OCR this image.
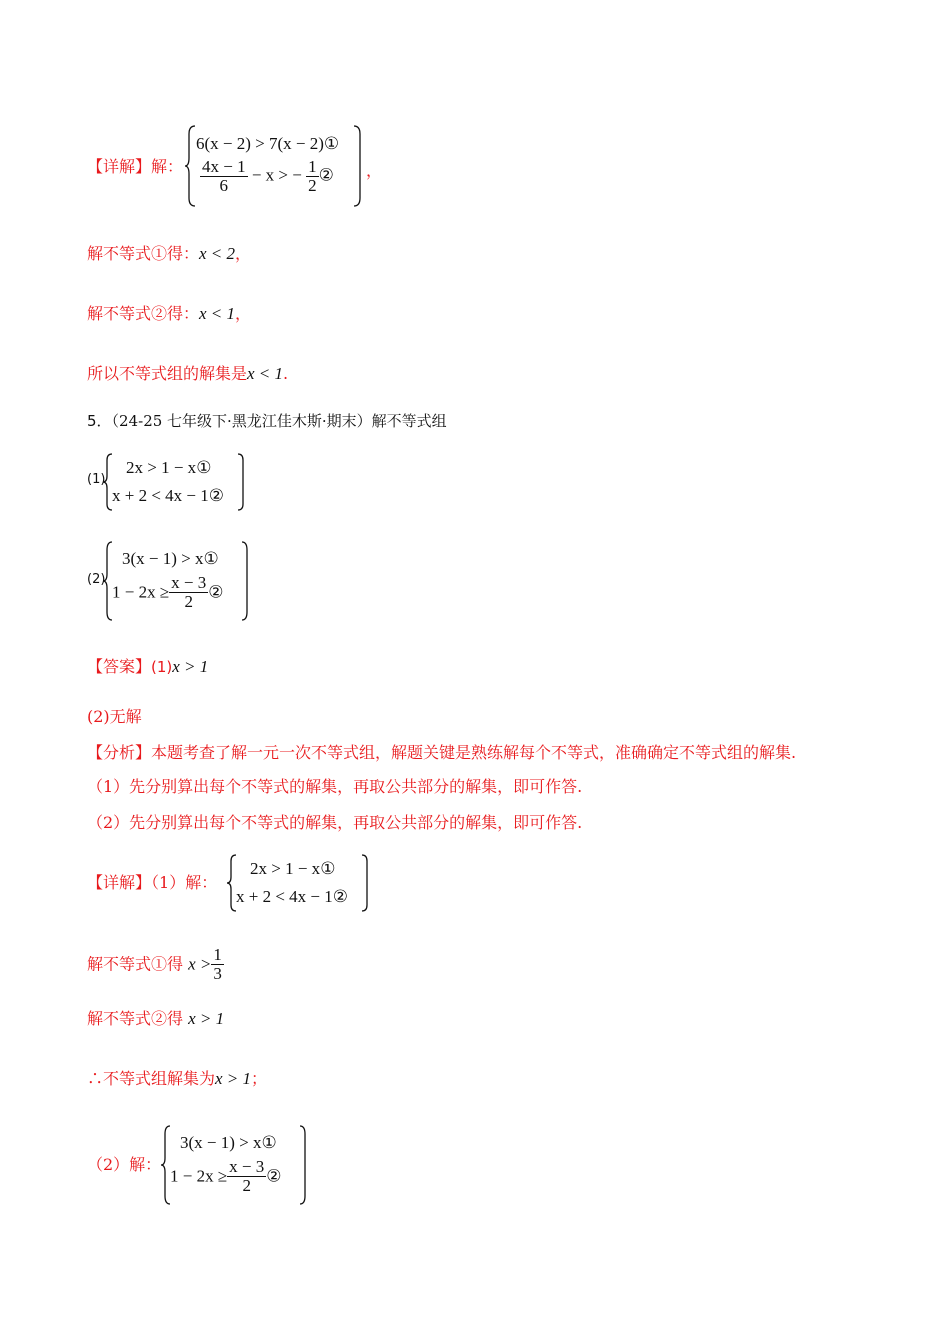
【详解】解：
6(x − 2) > 7(x − 2)①
$\frac{4x - 1}{6} - x$ > − $\frac{1}{2}$ ② ，
解不等式①得：x < 2，
解不等式②得：x < 1，
所以不等式组的解集是x < 1.
5．（24-25 七年级下·黑龙江佳木斯·期末）解不等式组
(1)
2x > 1 − x①
x + 2 < 4x − 1②
(2)
3(x − 1) > x①
$1 - 2x \ge \frac{x - 3}{2}$ ②
【答案】(1)x > 1
(2)无解
【分析】本题考查了解一元一次不等式组，解题关键是熟练解每个不等式，准确确定不等式组的解集.
（1）先分别算出每个不等式的解集，再取公共部分的解集，即可作答.
（2）先分别算出每个不等式的解集，再取公共部分的解集，即可作答.
【详解】（1）解：
2x > 1 − x①
x + 2 < 4x − 1②
解不等式①得 $x > \frac{1}{3}$
解不等式②得 x > 1
∴不等式组解集为x > 1；
（2）解：
3(x − 1) > x①
$1 - 2x \ge \frac{x - 3}{2}$ ②
